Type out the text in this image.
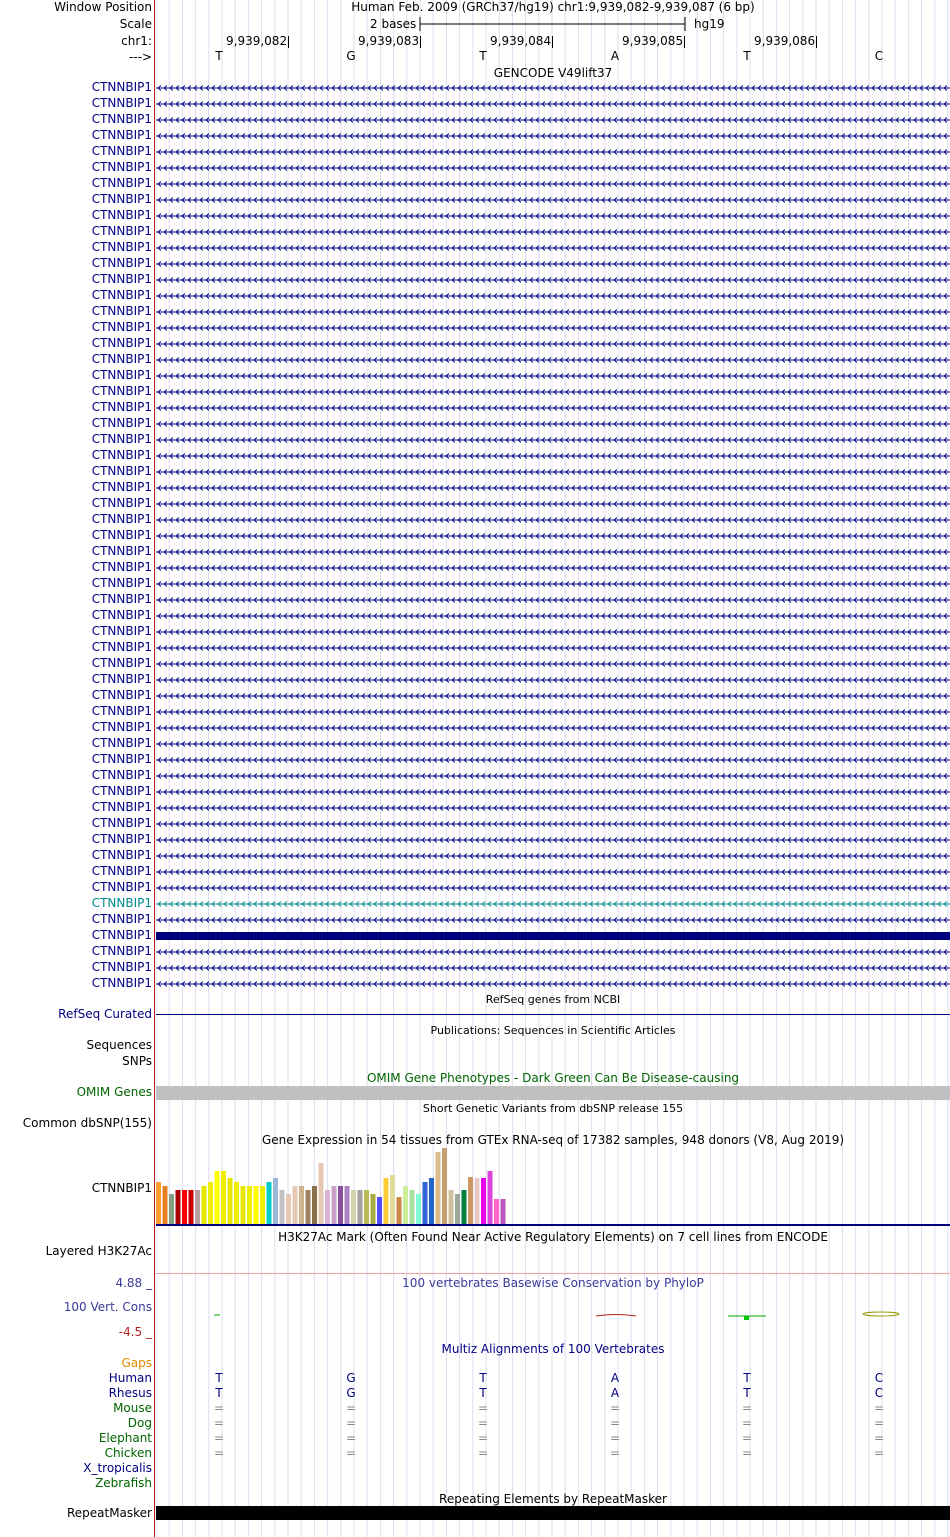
Window Position	Human Feb. 2009 (GRCh37/hg19) chr1:9,939,082-9,939,087 (6 bp)
Scale	2 bases	hg19
chr1:
--->
9,939,082	9,939,083	9,939,084	9,939,085	9,939,086
T	G	T	A	T	C
GENCODE V49lift37
CTNNBIP1
CTNNBIP1
CTNNBIP1
CTNNBIP1
CTNNBIP1
CTNNBIP1
CTNNBIP1
CTNNBIP1
CTNNBIP1
CTNNBIP1
CTNNBIP1
CTNNBIP1
CTNNBIP1
CTNNBIP1
CTNNBIP1
CTNNBIP1
CTNNBIP1
CTNNBIP1
CTNNBIP1
CTNNBIP1
CTNNBIP1
CTNNBIP1
CTNNBIP1
CTNNBIP1
CTNNBIP1
CTNNBIP1
CTNNBIP1
CTNNBIP1
CTNNBIP1
CTNNBIP1
CTNNBIP1
CTNNBIP1
CTNNBIP1
CTNNBIP1
CTNNBIP1
CTNNBIP1
CTNNBIP1
CTNNBIP1
CTNNBIP1
CTNNBIP1
CTNNBIP1
CTNNBIP1
CTNNBIP1
CTNNBIP1
CTNNBIP1
CTNNBIP1
CTNNBIP1
CTNNBIP1
CTNNBIP1
CTNNBIP1
CTNNBIP1
CTNNBIP1
CTNNBIP1
CTNNBIP1
CTNNBIP1
CTNNBIP1
CTNNBIP1
RefSeq genes from NCBI
RefSeq Curated
Publications: Sequences in Scientific Articles
Sequences
SNPs
OMIM Gene Phenotypes - Dark Green Can Be Disease-causing
OMIM Genes
Short Genetic Variants from dbSNP release 155
Common dbSNP(155)
Gene Expression in 54 tissues from GTEx RNA-seq of 17382 samples, 948 donors (V8, Aug 2019)
CTNNBIP1
H3K27Ac Mark (Often Found Near Active Regulatory Elements) on 7 cell lines from ENCODE
Layered H3K27Ac
100 vertebrates Basewise Conservation by PhyloP
4.88 _
100 Vert. Cons
-4.5 _
Multiz Alignments of 100 Vertebrates
Gaps
Human	T	G	T	A	T	C
Rhesus	T	G	T	A	T	C
Mouse	=	=	=	=	=	=
Dog	=	=	=	=	=	=
Elephant	=	=	=	=	=	=
Chicken	=	=	=	=	=	=
X_tropicalis
Zebrafish
Repeating Elements by RepeatMasker
RepeatMasker
